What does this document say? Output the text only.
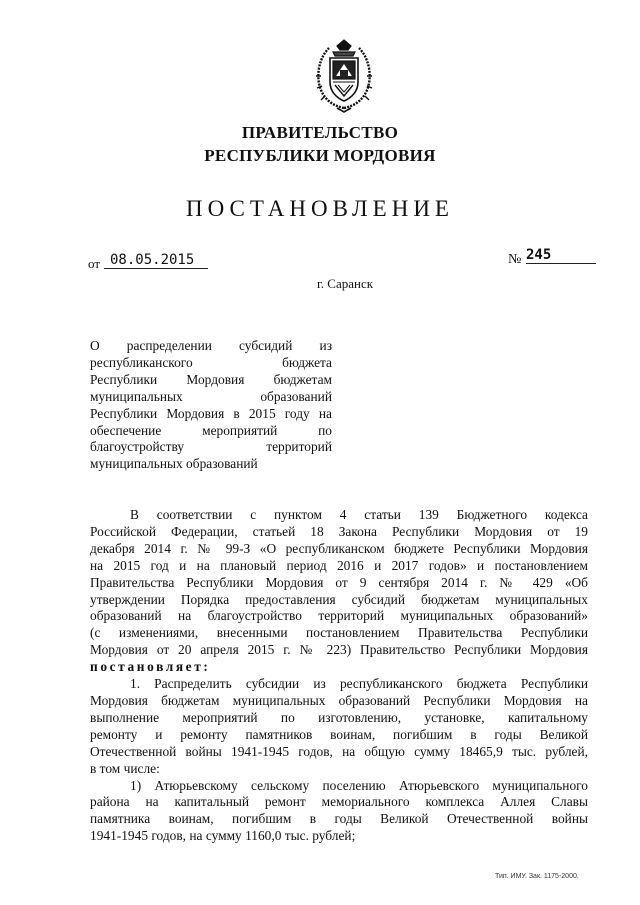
ПРАВИТЕЛЬСТВО
РЕСПУБЛИКИ МОРДОВИЯ
ПОСТАНОВЛЕНИЕ
от 08.05.2015	№ 245
г. Саранск
О распределении субсидий из
республиканского бюджета
Республики Мордовия бюджетам
муниципальных образований
Республики Мордовия в 2015 году на
обеспечение мероприятий по
благоустройству территорий
муниципальных образований
В соответствии с пунктом 4 статьи 139 Бюджетного кодекса
Российской Федерации, статьей 18 Закона Республики Мордовия от 19
декабря 2014 г. № 99-З «О республиканском бюджете Республики Мордовия
на 2015 год и на плановый период 2016 и 2017 годов» и постановлением
Правительства Республики Мордовия от 9 сентября 2014 г. № 429 «Об
утверждении Порядка предоставления субсидий бюджетам муниципальных
образований на благоустройство территорий муниципальных образований»
(с изменениями, внесенными постановлением Правительства Республики
Мордовия от 20 апреля 2015 г. № 223) Правительство Республики Мордовия
постановляет:
1. Распределить субсидии из республиканского бюджета Республики
Мордовия бюджетам муниципальных образований Республики Мордовия на
выполнение мероприятий по изготовлению, установке, капитальному
ремонту и ремонту памятников воинам, погибшим в годы Великой
Отечественной войны 1941-1945 годов, на общую сумму 18465,9 тыс. рублей,
в том числе:
1) Атюрьевскому сельскому поселению Атюрьевского муниципального
района на капитальный ремонт мемориального комплекса Аллея Славы
памятника воинам, погибшим в годы Великой Отечественной войны
1941-1945 годов, на сумму 1160,0 тыс. рублей;
Тип. ИМУ. Зак. 1175-2000.
